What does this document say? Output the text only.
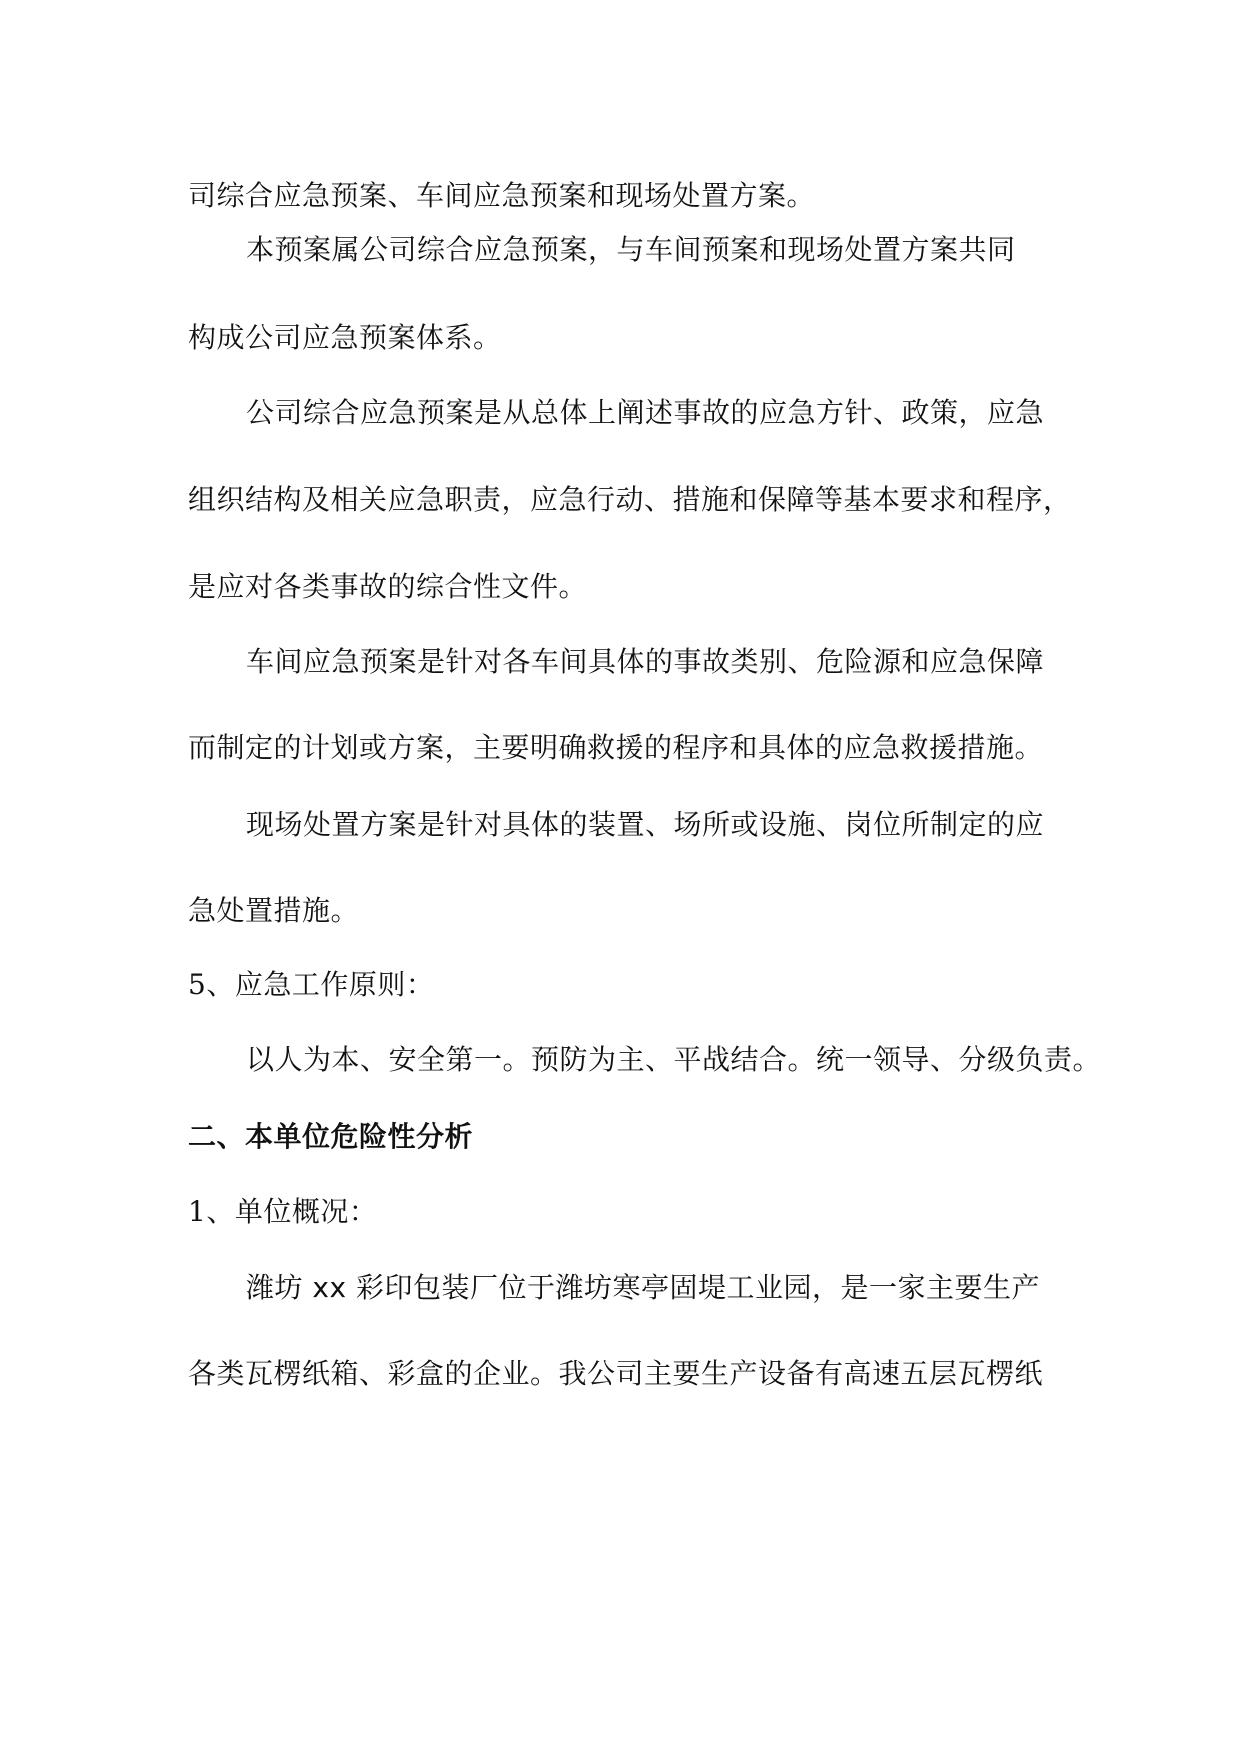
司综合应急预案、车间应急预案和现场处置方案。
本预案属公司综合应急预案，与车间预案和现场处置方案共同
构成公司应急预案体系。
公司综合应急预案是从总体上阐述事故的应急方针、政策，应急
组织结构及相关应急职责，应急行动、措施和保障等基本要求和程序，
是应对各类事故的综合性文件。
车间应急预案是针对各车间具体的事故类别、危险源和应急保障
而制定的计划或方案，主要明确救援的程序和具体的应急救援措施。
现场处置方案是针对具体的装置、场所或设施、岗位所制定的应
急处置措施。
5、应急工作原则：
以人为本、安全第一。预防为主、平战结合。统一领导、分级负责。
二、本单位危险性分析
1、单位概况：
潍坊 xx 彩印包装厂位于潍坊寒亭固堤工业园，是一家主要生产
各类瓦楞纸箱、彩盒的企业。我公司主要生产设备有高速五层瓦楞纸
